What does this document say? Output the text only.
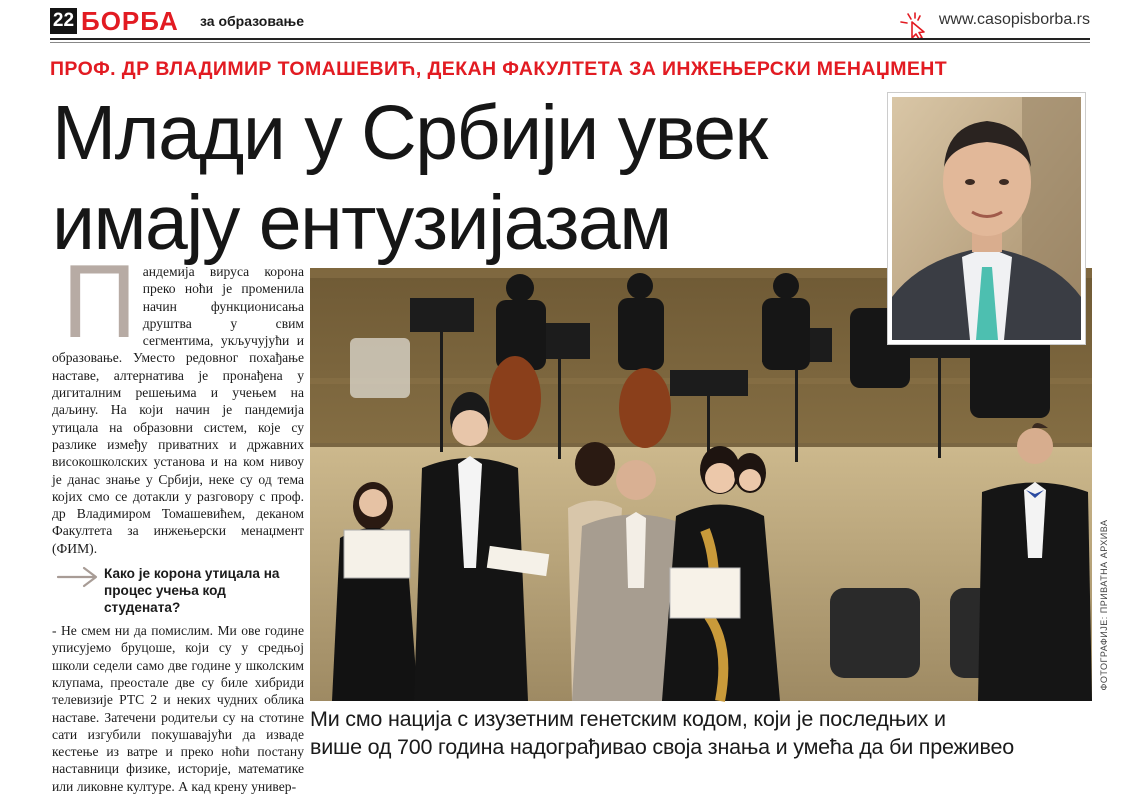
22 БОРБА за образовање	www.casopisborba.rs
ПРОФ. ДР ВЛАДИМИР ТОМАШЕВИЋ, ДЕКАН ФАКУЛТЕТА ЗА ИНЖЕЊЕРСКИ МЕНАЏМЕНТ
Млади у Србији увек
имају ентузијазам

Пандемија вируса корона преко ноћи је променила начин функционисања друштва у свим сегментима, укључујући и образовање. Уместо редовног похађање наставе, алтернатива је пронађена у дигиталним решењима и учењем на даљину. На који начин је пандемија утицала на образовни систем, које су разлике између приватних и државних високошколских установа и на ком нивоу је данас знање у Србији, неке су од тема којих смо се дотакли у разговору с проф. др Владимиром Томашевићем, деканом Факултета за инжењерски менаџмент (ФИМ).

Како је корона утицала на процес учења код студената?

- Не смем ни да помислим. Ми ове године уписујемо бруцоше, који су у средњој школи седели само две године у школским клупама, преостале две су биле хибриди телевизије РТС 2 и неких чудних облика наставе. Затечени родитељи су на стотине сати изгубили покушавајући да изваде кестење из ватре и преко ноћи постану наставници физике, историје, математике или ликовне културе. А кад крену универ-

ФОТОГРАФИЈЕ: ПРИВАТНА АРХИВА
Ми смо нација с изузетним генетским кодом, који је последњих и
више од 700 година надограђивао своја знања и умећа да би преживео
